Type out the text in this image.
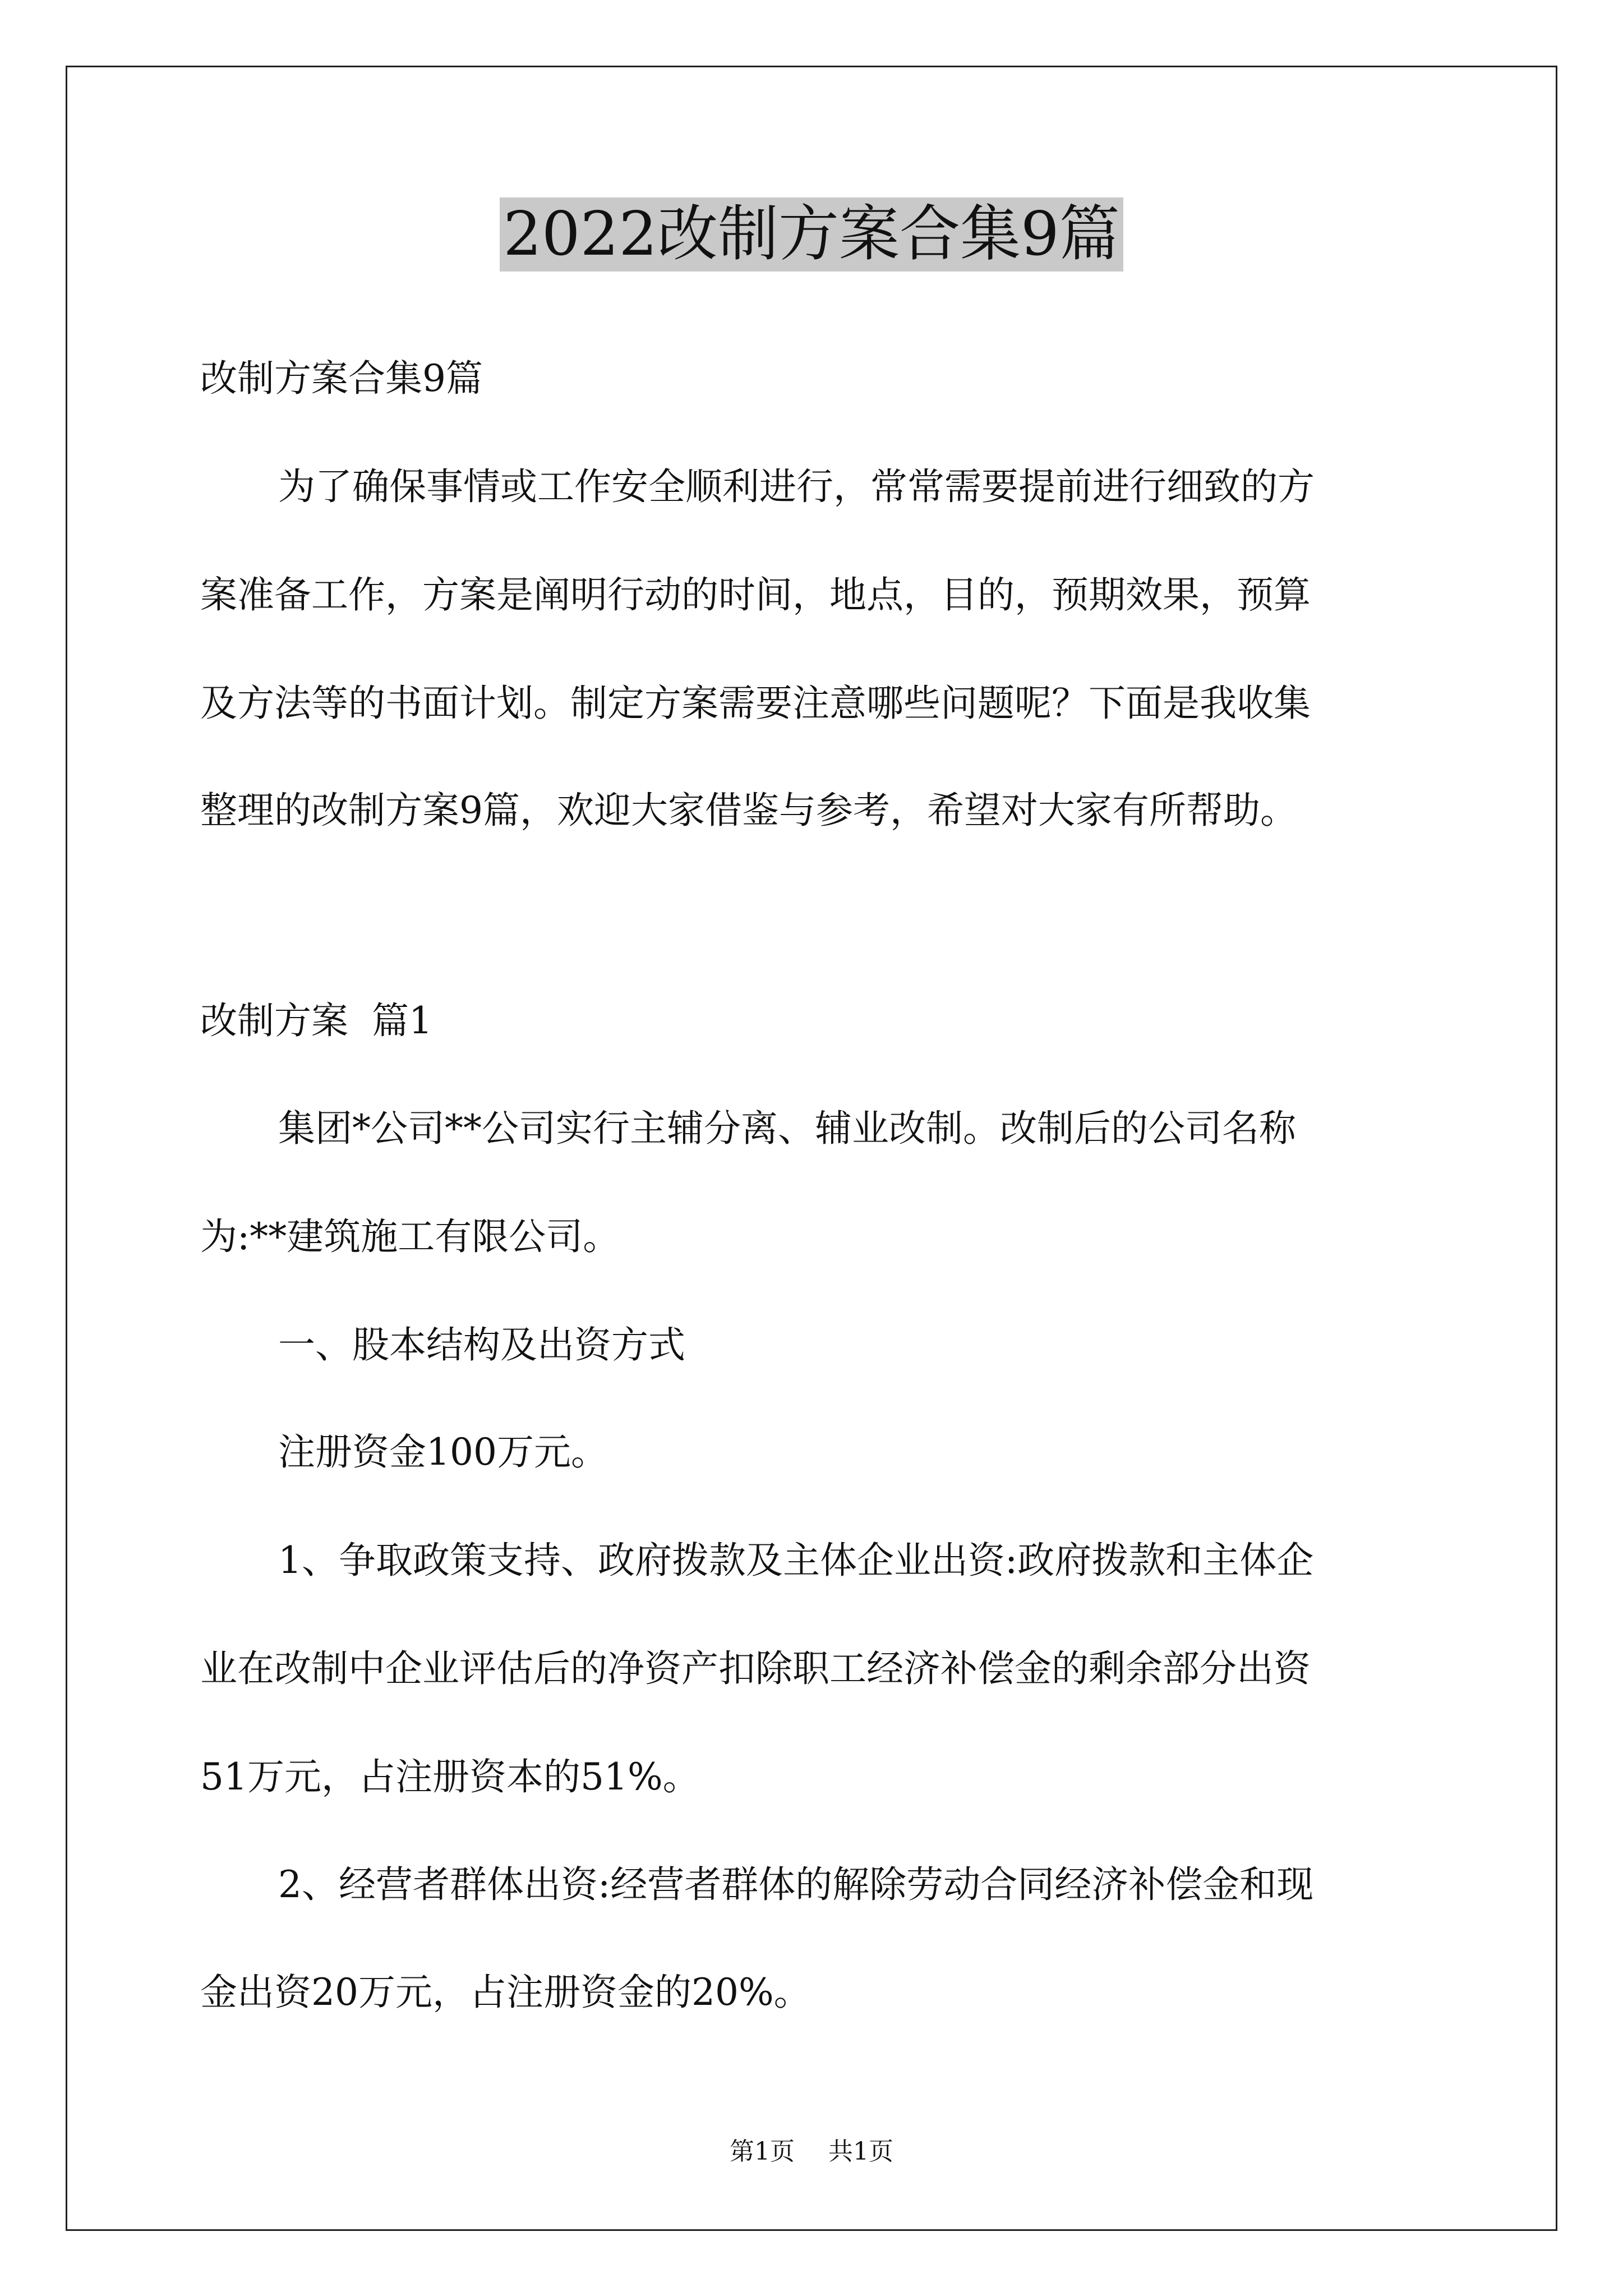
2022改制方案合集9篇
改制方案合集9篇
为了确保事情或工作安全顺利进行，常常需要提前进行细致的方
案准备工作，方案是阐明行动的时间，地点，目的，预期效果，预算
及方法等的书面计划。制定方案需要注意哪些问题呢？下面是我收集
整理的改制方案9篇，欢迎大家借鉴与参考，希望对大家有所帮助。
改制方案  篇1
集团*公司**公司实行主辅分离、辅业改制。改制后的公司名称
为:**建筑施工有限公司。
一、股本结构及出资方式
注册资金100万元。
1、争取政策支持、政府拨款及主体企业出资:政府拨款和主体企
业在改制中企业评估后的净资产扣除职工经济补偿金的剩余部分出资
51万元，占注册资本的51%。
2、经营者群体出资:经营者群体的解除劳动合同经济补偿金和现
金出资20万元，占注册资金的20%。
第1页 共1页
